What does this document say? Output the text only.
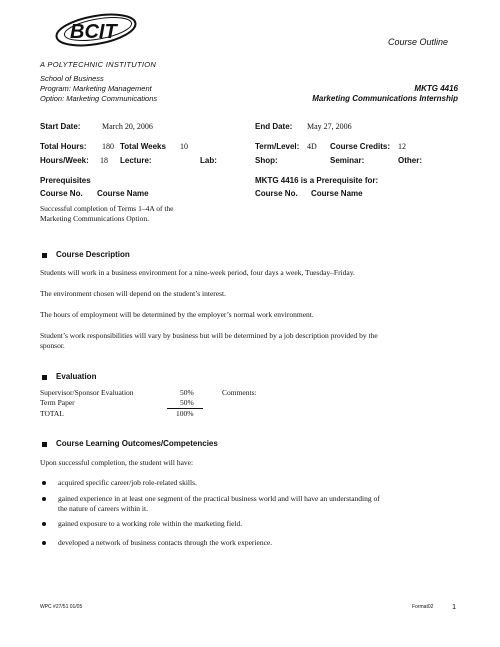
BCIT
A POLYTECHNIC INSTITUTION
Course Outline
School of Business
Program: Marketing Management
Option: Marketing Communications
MKTG 4416
Marketing Communications Internship
Start Date:	March 20, 2006	End Date: May 27, 2006
Total Hours: 180 Total Weeks 10	Term/Level: 4D Course Credits: 12
Hours/Week: 18 Lecture:	Lab:	Shop:	Seminar:	Other:
Prerequisites
Course No. Course Name
Successful completion of Terms 1–4A of the
Marketing Communications Option.
MKTG 4416 is a Prerequisite for:
Course No. Course Name
Course Description
Students will work in a business environment for a nine-week period, four days a week, Tuesday–Friday.
The environment chosen will depend on the student’s interest.
The hours of employment will be determined by the employer’s normal work environment.
Student’s work responsibilities will vary by business but will be determined by a job description provided by the
sponsor.
Evaluation
Supervisor/Sponsor Evaluation	50%	Comments:
Term Paper	50%
TOTAL	100%
Course Learning Outcomes/Competencies
Upon successful completion, the student will have:
acquired specific career/job role-related skills.
gained experience in at least one segment of the practical business world and will have an understanding of
the nature of careers within it.
gained exposure to a working role within the marketing field.
developed a network of business contacts through the work experience.
WPC #27/51 01/05	Format02 1
